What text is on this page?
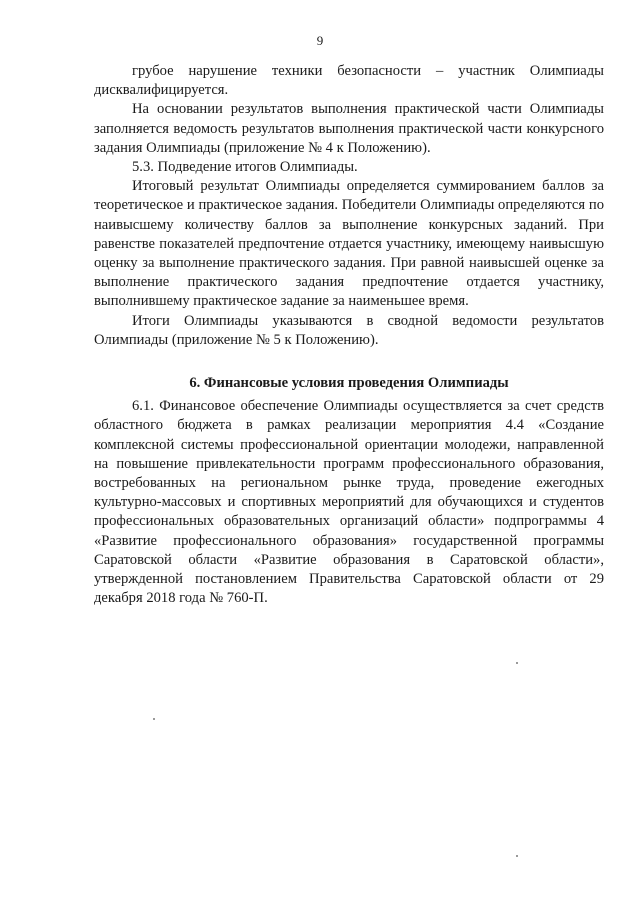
9

грубое нарушение техники безопасности – участник Олимпиады дисквалифицируется.

На основании результатов выполнения практической части Олимпиады заполняется ведомость результатов выполнения практической части конкурсного задания Олимпиады (приложение № 4 к Положению).

5.3. Подведение итогов Олимпиады.

Итоговый результат Олимпиады определяется суммированием баллов за теоретическое и практическое задания. Победители Олимпиады определяются по наивысшему количеству баллов за выполнение конкурсных заданий. При равенстве показателей предпочтение отдается участнику, имеющему наивысшую оценку за выполнение практического задания. При равной наивысшей оценке за выполнение практического задания предпочтение отдается участнику, выполнившему практическое задание за наименьшее время.

Итоги Олимпиады указываются в сводной ведомости результатов Олимпиады (приложение № 5 к Положению).

6. Финансовые условия проведения Олимпиады

6.1. Финансовое обеспечение Олимпиады осуществляется за счет средств областного бюджета в рамках реализации мероприятия 4.4 «Создание комплексной системы профессиональной ориентации молодежи, направленной на повышение привлекательности программ профессионального образования, востребованных на региональном рынке труда, проведение ежегодных культурно-массовых и спортивных мероприятий для обучающихся и студентов профессиональных образовательных организаций области» подпрограммы 4 «Развитие профессионального образования» государственной программы Саратовской области «Развитие образования в Саратовской области», утвержденной постановлением Правительства Саратовской области от 29 декабря 2018 года № 760-П.
